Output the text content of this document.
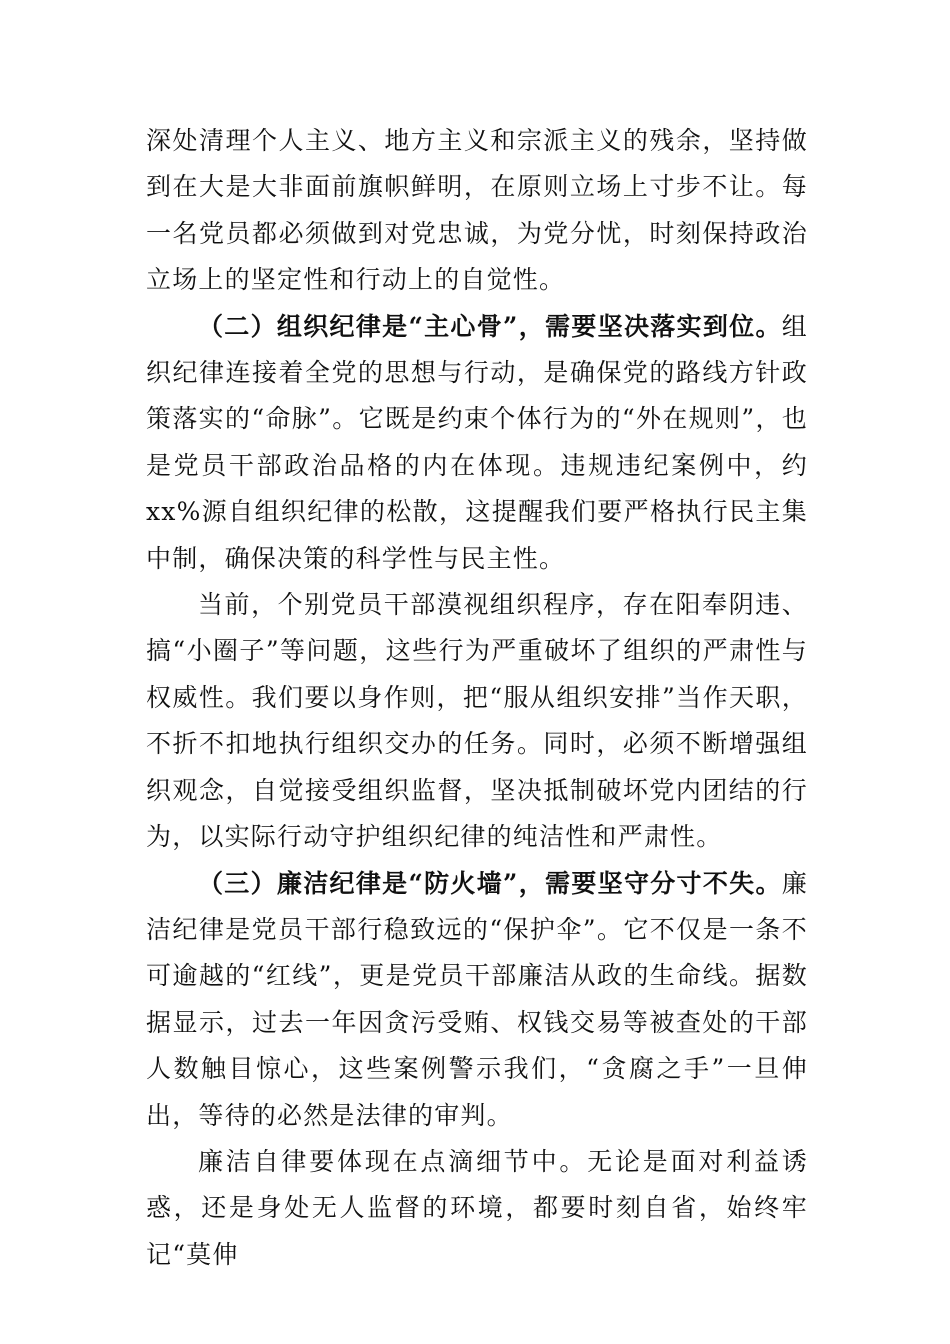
深处清理个人主义、地方主义和宗派主义的残余，坚持做到在大是大非面前旗帜鲜明，在原则立场上寸步不让。每一名党员都必须做到对党忠诚，为党分忧，时刻保持政治立场上的坚定性和行动上的自觉性。

（二）组织纪律是“主心骨”，需要坚决落实到位。组织纪律连接着全党的思想与行动，是确保党的路线方针政策落实的“命脉”。它既是约束个体行为的“外在规则”，也是党员干部政治品格的内在体现。违规违纪案例中，约xx%源自组织纪律的松散，这提醒我们要严格执行民主集中制，确保决策的科学性与民主性。

当前，个别党员干部漠视组织程序，存在阳奉阴违、搞“小圈子”等问题，这些行为严重破坏了组织的严肃性与权威性。我们要以身作则，把“服从组织安排”当作天职，不折不扣地执行组织交办的任务。同时，必须不断增强组织观念，自觉接受组织监督，坚决抵制破坏党内团结的行为，以实际行动守护组织纪律的纯洁性和严肃性。

（三）廉洁纪律是“防火墙”，需要坚守分寸不失。廉洁纪律是党员干部行稳致远的“保护伞”。它不仅是一条不可逾越的“红线”，更是党员干部廉洁从政的生命线。据数据显示，过去一年因贪污受贿、权钱交易等被查处的干部人数触目惊心，这些案例警示我们，“贪腐之手”一旦伸出，等待的必然是法律的审判。

廉洁自律要体现在点滴细节中。无论是面对利益诱惑，还是身处无人监督的环境，都要时刻自省，始终牢记“莫伸
